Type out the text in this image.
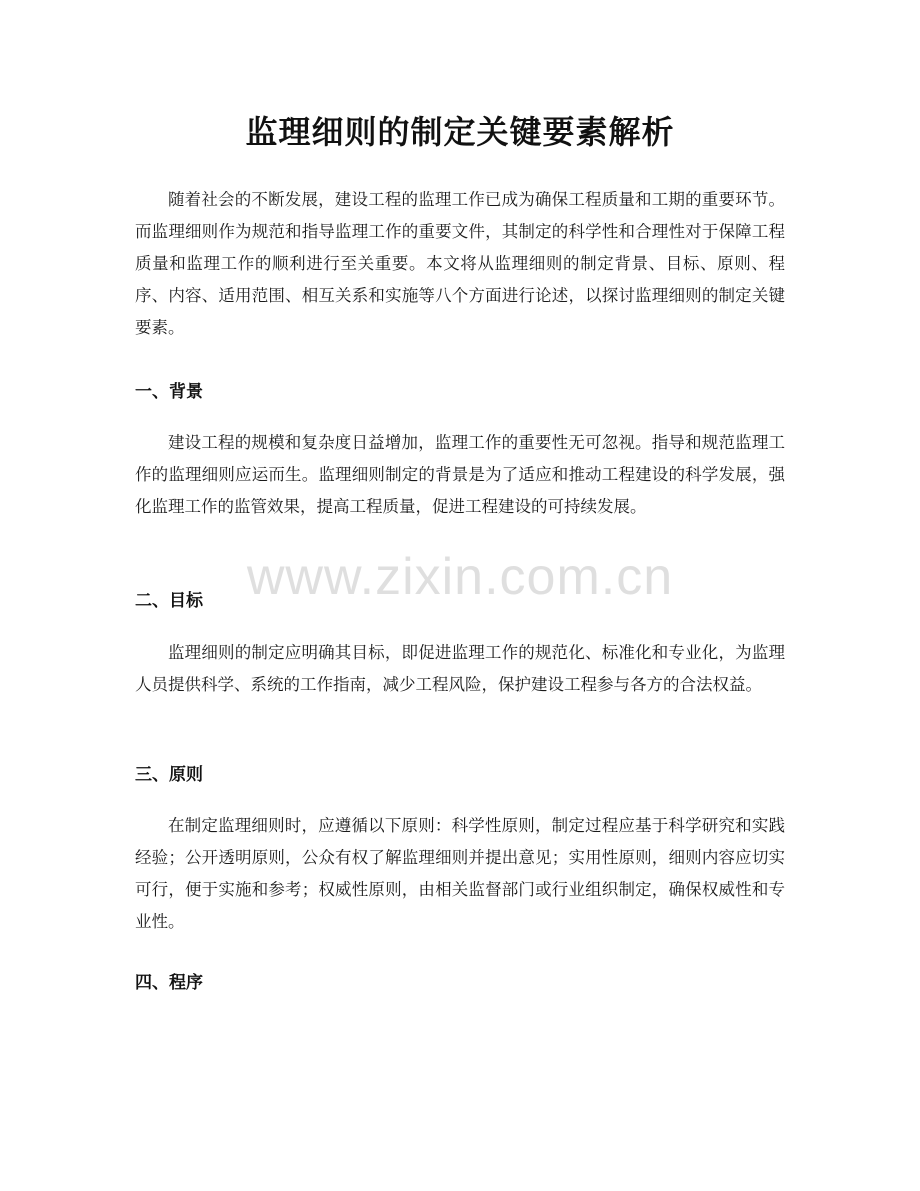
监理细则的制定关键要素解析

随着社会的不断发展，建设工程的监理工作已成为确保工程质量和工期的重要环节。而监理细则作为规范和指导监理工作的重要文件，其制定的科学性和合理性对于保障工程质量和监理工作的顺利进行至关重要。本文将从监理细则的制定背景、目标、原则、程序、内容、适用范围、相互关系和实施等八个方面进行论述，以探讨监理细则的制定关键要素。

一、背景

建设工程的规模和复杂度日益增加，监理工作的重要性无可忽视。指导和规范监理工作的监理细则应运而生。监理细则制定的背景是为了适应和推动工程建设的科学发展，强化监理工作的监管效果，提高工程质量，促进工程建设的可持续发展。

二、目标

监理细则的制定应明确其目标，即促进监理工作的规范化、标准化和专业化，为监理人员提供科学、系统的工作指南，减少工程风险，保护建设工程参与各方的合法权益。

三、原则

在制定监理细则时，应遵循以下原则：科学性原则，制定过程应基于科学研究和实践经验；公开透明原则，公众有权了解监理细则并提出意见；实用性原则，细则内容应切实可行，便于实施和参考；权威性原则，由相关监督部门或行业组织制定，确保权威性和专业性。

四、程序
www.zixin.com.cn
